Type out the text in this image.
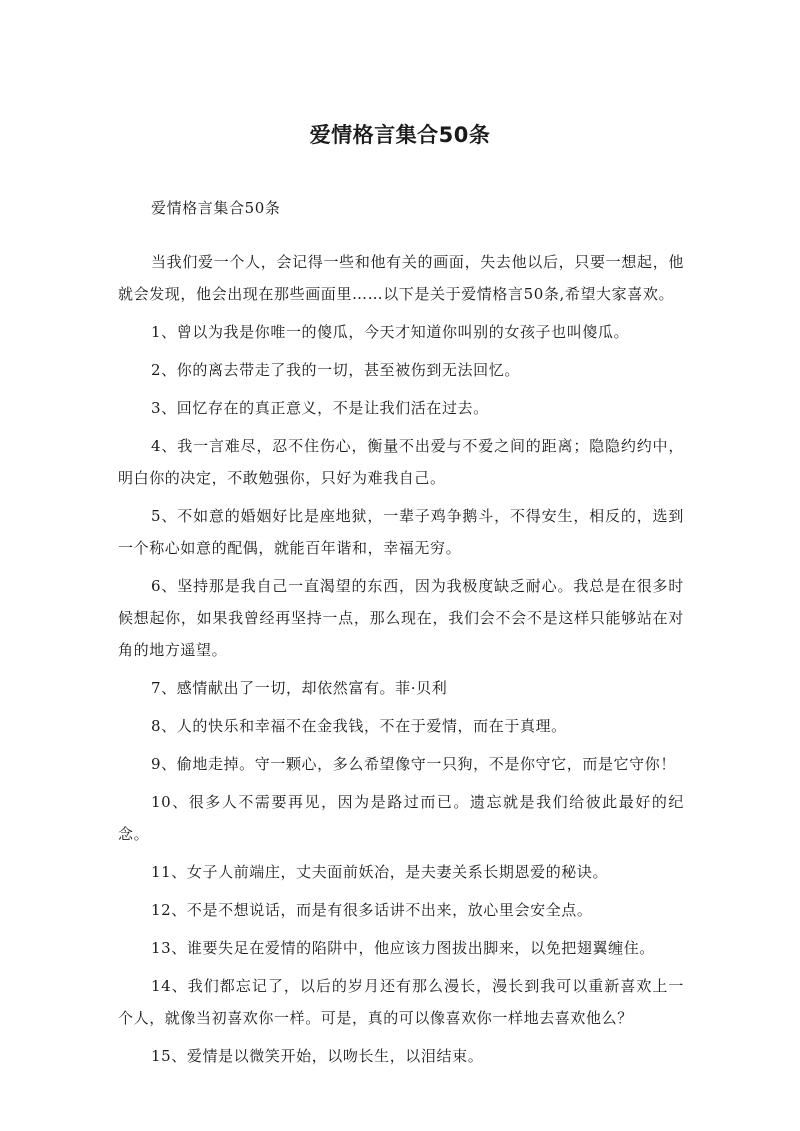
爱情格言集合50条

爱情格言集合50条

当我们爱一个人，会记得一些和他有关的画面，失去他以后，只要一想起，他就会发现，他会出现在那些画面里……以下是关于爱情格言50条,希望大家喜欢。

1、曾以为我是你唯一的傻瓜，今天才知道你叫别的女孩子也叫傻瓜。

2、你的离去带走了我的一切，甚至被伤到无法回忆。

3、回忆存在的真正意义，不是让我们活在过去。

4、我一言难尽，忍不住伤心，衡量不出爱与不爱之间的距离；隐隐约约中，明白你的决定，不敢勉强你，只好为难我自己。

5、不如意的婚姻好比是座地狱，一辈子鸡争鹅斗，不得安生，相反的，选到一个称心如意的配偶，就能百年谐和，幸福无穷。

6、坚持那是我自己一直渴望的东西，因为我极度缺乏耐心。我总是在很多时候想起你，如果我曾经再坚持一点，那么现在，我们会不会不是这样只能够站在对角的地方遥望。

7、感情献出了一切，却依然富有。菲·贝利

8、人的快乐和幸福不在金我钱，不在于爱情，而在于真理。

9、偷地走掉。守一颗心，多么希望像守一只狗，不是你守它，而是它守你！

10、很多人不需要再见，因为是路过而已。遗忘就是我们给彼此最好的纪念。

11、女子人前端庄，丈夫面前妖冶，是夫妻关系长期恩爱的秘诀。

12、不是不想说话，而是有很多话讲不出来，放心里会安全点。

13、谁要失足在爱情的陷阱中，他应该力图拔出脚来，以免把翅翼缠住。

14、我们都忘记了，以后的岁月还有那么漫长，漫长到我可以重新喜欢上一个人，就像当初喜欢你一样。可是，真的可以像喜欢你一样地去喜欢他么？

15、爱情是以微笑开始，以吻长生，以泪结束。
